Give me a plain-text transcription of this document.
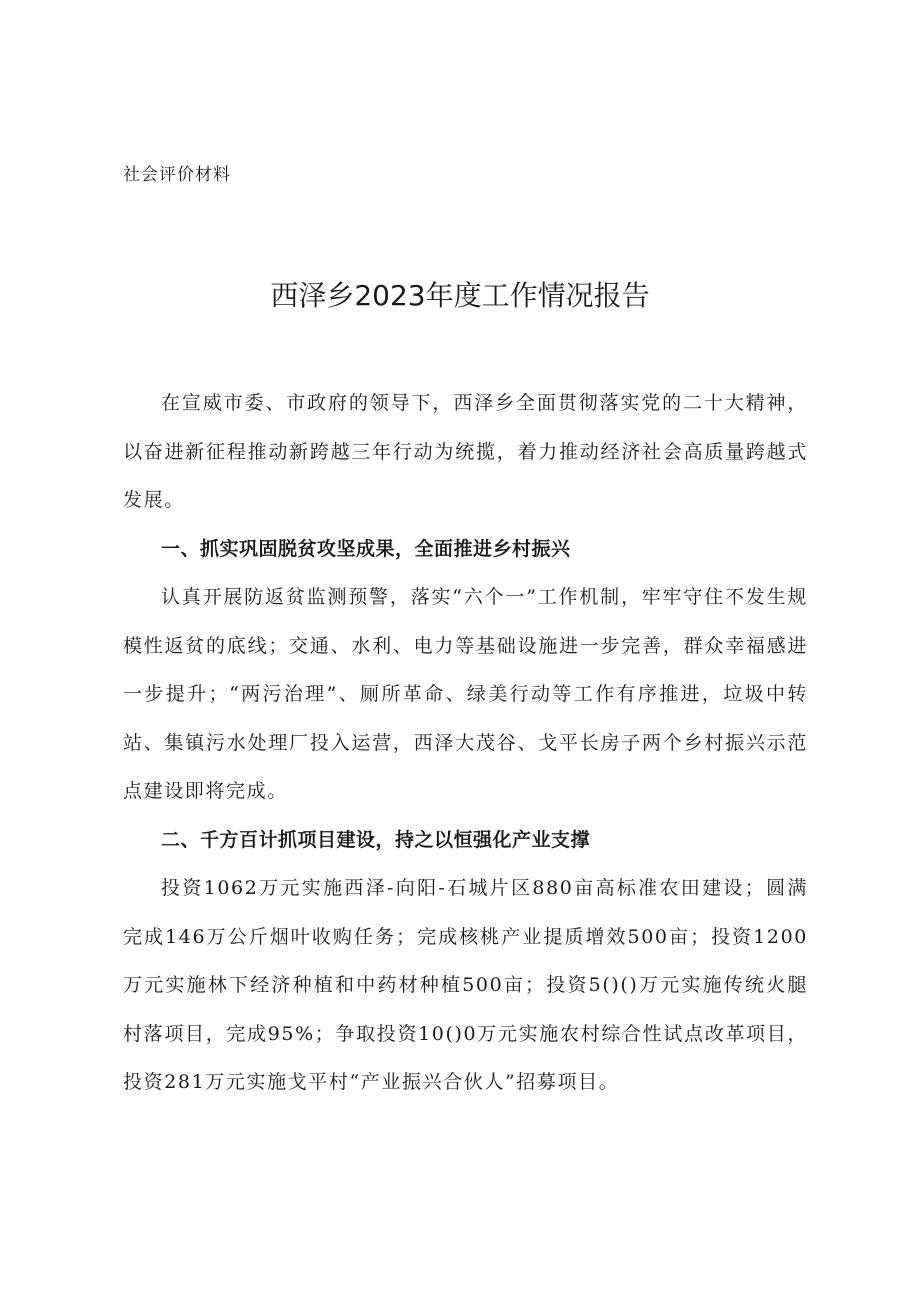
社会评价材料
西泽乡2023年度工作情况报告

在宣威市委、市政府的领导下，西泽乡全面贯彻落实党的二十大精神，以奋进新征程推动新跨越三年行动为统揽，着力推动经济社会高质量跨越式发展。

一、抓实巩固脱贫攻坚成果，全面推进乡村振兴

认真开展防返贫监测预警，落实“六个一”工作机制，牢牢守住不发生规模性返贫的底线；交通、水利、电力等基础设施进一步完善，群众幸福感进一步提升；“两污治理”、厕所革命、绿美行动等工作有序推进，垃圾中转站、集镇污水处理厂投入运营，西泽大茂谷、戈平长房子两个乡村振兴示范点建设即将完成。

二、千方百计抓项目建设，持之以恒强化产业支撑

投资1062万元实施西泽-向阳-石城片区880亩高标准农田建设；圆满完成146万公斤烟叶收购任务；完成核桃产业提质增效500亩；投资1200万元实施林下经济种植和中药材种植500亩；投资5()()万元实施传统火腿村落项目，完成95%；争取投资10()0万元实施农村综合性试点改革项目，投资281万元实施戈平村“产业振兴合伙人”招募项目。
